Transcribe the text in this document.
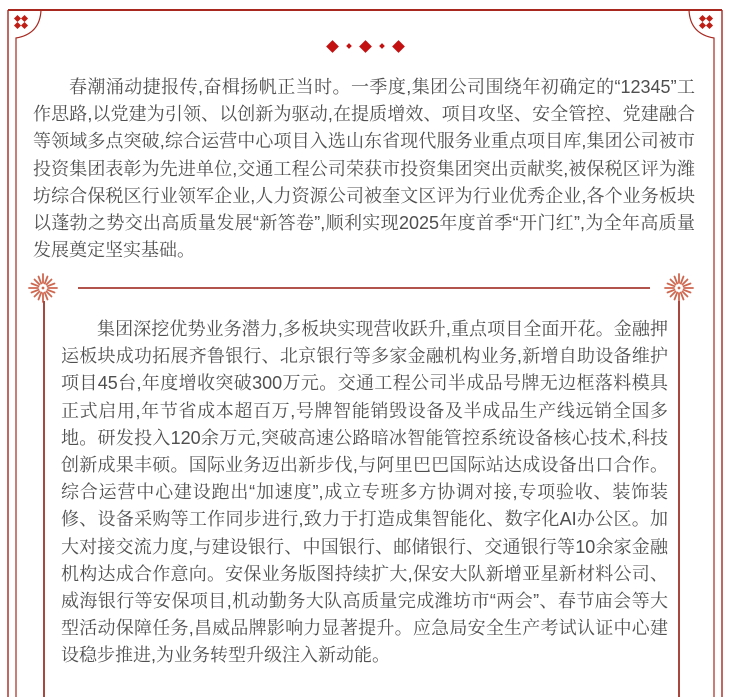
春潮涌动捷报传,奋楫扬帆正当时。一季度,集团公司围绕年初确定的“12345”工作思路,以党建为引领、以创新为驱动,在提质增效、项目攻坚、安全管控、党建融合等领域多点突破,综合运营中心项目入选山东省现代服务业重点项目库,集团公司被市投资集团表彰为先进单位,交通工程公司荣获市投资集团突出贡献奖,被保税区评为潍坊综合保税区行业领军企业,人力资源公司被奎文区评为行业优秀企业,各个业务板块以蓬勃之势交出高质量发展“新答卷”,顺利实现2025年度首季“开门红”,为全年高质量发展奠定坚实基础。

集团深挖优势业务潜力,多板块实现营收跃升,重点项目全面开花。金融押运板块成功拓展齐鲁银行、北京银行等多家金融机构业务,新增自助设备维护项目45台,年度增收突破300万元。交通工程公司半成品号牌无边框落料模具正式启用,年节省成本超百万,号牌智能销毁设备及半成品生产线远销全国多地。研发投入120余万元,突破高速公路暗冰智能管控系统设备核心技术,科技创新成果丰硕。国际业务迈出新步伐,与阿里巴巴国际站达成设备出口合作。综合运营中心建设跑出“加速度”,成立专班多方协调对接,专项验收、装饰装修、设备采购等工作同步进行,致力于打造成集智能化、数字化AI办公区。加大对接交流力度,与建设银行、中国银行、邮储银行、交通银行等10余家金融机构达成合作意向。安保业务版图持续扩大,保安大队新增亚星新材料公司、威海银行等安保项目,机动勤务大队高质量完成潍坊市“两会”、春节庙会等大型活动保障任务,昌威品牌影响力显著提升。应急局安全生产考试认证中心建设稳步推进,为业务转型升级注入新动能。
